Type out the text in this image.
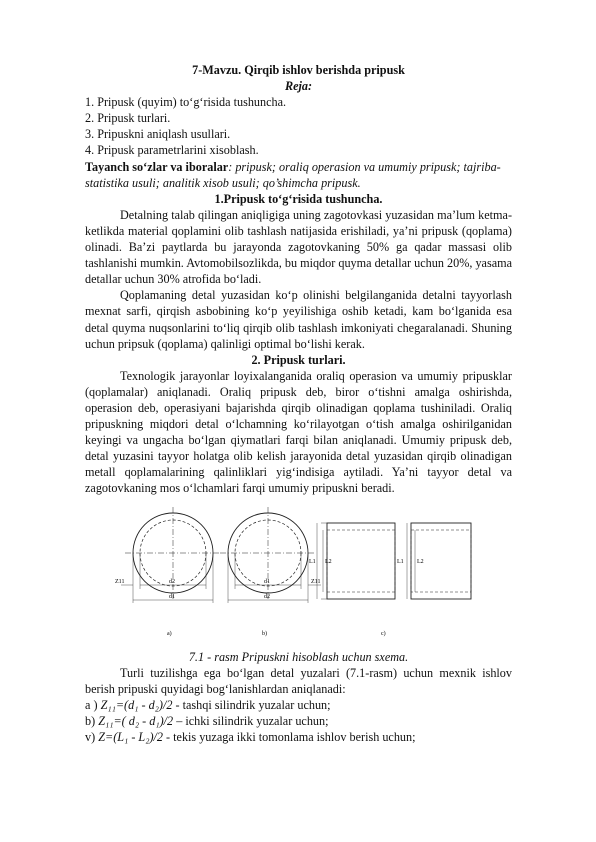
7-Mavzu. Qirqib ishlov berishda pripusk
Reja:

1. Pripusk (quyim) to‘g‘risida tushuncha.

2. Pripusk turlari.

3. Pripuskni aniqlash usullari.

4. Pripusk parametrlarini xisoblash.

Tayanch so‘zlar va iboralar: pripusk; oraliq operasion va umumiy pripusk; tajriba-statistika usuli; analitik xisob usuli; qo’shimcha pripusk.

1.Pripusk to‘g‘risida tushuncha.

Detalning talab qilingan aniqligiga uning zagotovkasi yuzasidan ma’lum ketma-ketlikda material qoplamini olib tashlash natijasida erishiladi, ya’ni pripusk (qoplama) olinadi. Ba’zi paytlarda bu jarayonda zagotovkaning 50% ga qadar massasi olib tashlanishi mumkin. Avtomobilsozlikda, bu miqdor quyma detallar uchun 20%, yasama detallar uchun 30% atrofida bo‘ladi.

Qoplamaning detal yuzasidan ko‘p olinishi belgilanganida detalni tayyorlash mexnat sarfi, qirqish asbobining ko‘p yeyilishiga oshib ketadi, kam bo‘lganida esa detal quyma nuqsonlarini to‘liq qirqib olib tashlash imkoniyati chegaralanadi. Shuning uchun pripsuk (qoplama) qalinligi optimal bo‘lishi kerak.

2. Pripusk turlari.

Texnologik jarayonlar loyixalanganida oraliq operasion va umumiy pripusklar (qoplamalar) aniqlanadi. Oraliq pripusk deb, biror o‘tishni amalga oshirishda, operasion deb, operasiyani bajarishda qirqib olinadigan qoplama tushiniladi. Oraliq pripuskning miqdori detal o‘lchamning ko‘rilayotgan o‘tish amalga oshirilganidan keyingi va ungacha bo‘lgan qiymatlari farqi bilan aniqlanadi. Umumiy pripusk deb, detal yuzasini tayyor holatga olib kelish jarayonida detal yuzasidan qirqib olinadigan metall qoplamalarining qalinliklari yig‘indisiga aytiladi. Ya’ni tayyor detal va zagotovkaning mos o‘lchamlari farqi umumiy pripuskni beradi.

Z11	d2
d1
a)
d1
d2
Z11
b)
L1 L2	L1 L2
c)

7.1 - rasm Pripuskni hisoblash uchun sxema.

Turli tuzilishga ega bo‘lgan detal yuzalari (7.1-rasm) uchun mexnik ishlov berish pripuski quyidagi bog‘lanishlardan aniqlanadi:

a ) Z₁₁=(d₁ - d₂)/2 - tashqi silindrik yuzalar uchun;

b) Z₁₁=( d₂ - d₁)/2 – ichki silindrik yuzalar uchun;

v) Z=(L₁ - L₂)/2 - tekis yuzaga ikki tomonlama ishlov berish uchun;
